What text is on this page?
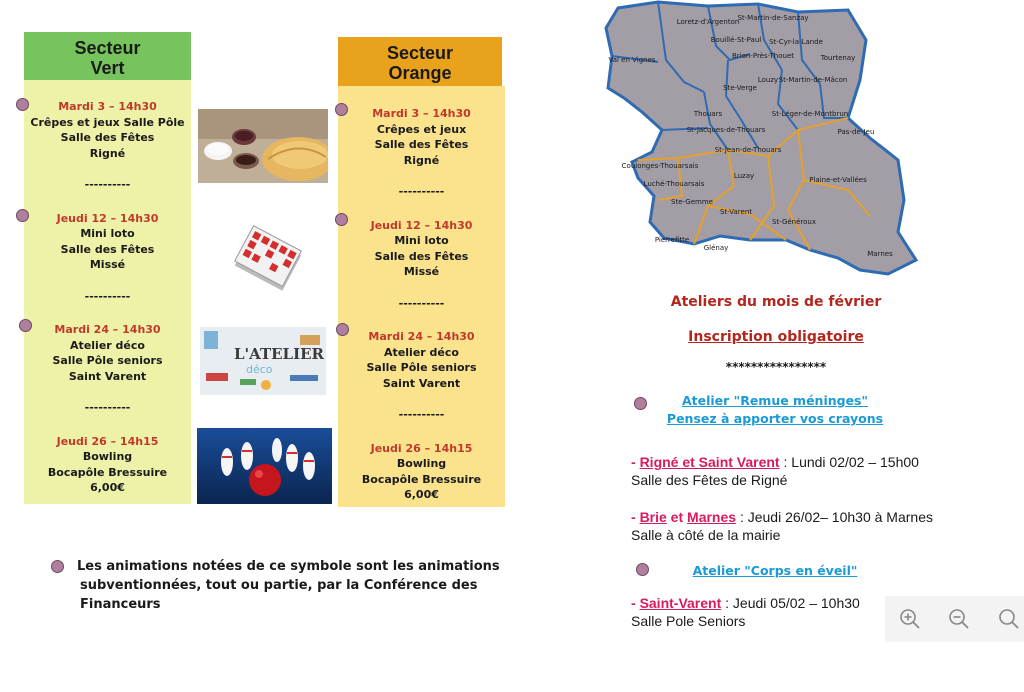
Secteur
Vert
Mardi 3 – 14h30
Crêpes et jeux Salle Pôle
Salle des Fêtes
Rigné
----------
Jeudi 12 – 14h30
Mini loto
Salle des Fêtes
Missé
----------
Mardi 24 – 14h30
Atelier déco
Salle Pôle seniors
Saint Varent
----------
Jeudi 26 – 14h15
Bowling
Bocapôle Bressuire
6,00€
L'ATELIER
déco
Secteur
Orange
Mardi 3 – 14h30
Crêpes et jeux
Salle des Fêtes
Rigné
----------
Jeudi 12 – 14h30
Mini loto
Salle des Fêtes
Missé
----------
Mardi 24 – 14h30
Atelier déco
Salle Pôle seniors
Saint Varent
----------
Jeudi 26 – 14h15
Bowling
Bocapôle Bressuire
6,00€
Les animations notées de ce symbole sont les animations
subventionnées, tout ou partie, par la Conférence des Financeurs
Loretz-d'Argenton
St-Martin-de-Sanzay
Val en Vignes
Bouillé-St-Paul
Brion-Près-Thouet
St-Cyr-la-Lande
Tourtenay
Louzy
Ste-Verge
St-Martin-de-Mâcon
Thouars	St-Léger-de-Montbrun
St-Jacques-de-Thouars	Pas-de-Jeu
St-Jean-de-Thouars
Coulonges-Thouarsais
Luzay	Plaine-et-Vallées
Luché-Thouarsais
Ste-Gemme
St-Varent
St-Généroux
Pierrefitte
Glénay
Marnes
Ateliers du mois de février
Inscription obligatoire
****************
Atelier "Remue méninges"
Pensez à apporter vos crayons
- Rigné et Saint Varent : Lundi 02/02 – 15h00
Salle des Fêtes de Rigné
- Brie et Marnes : Jeudi 26/02– 10h30 à Marnes
Salle à côté de la mairie
Atelier "Corps en éveil"
- Saint-Varent : Jeudi 05/02 – 10h30
Salle Pole Seniors
